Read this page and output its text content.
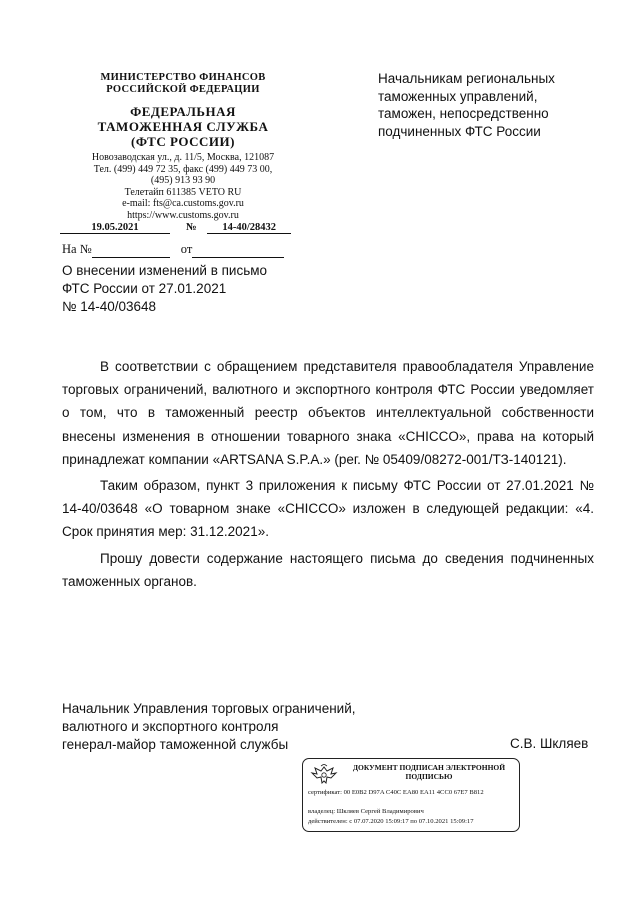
МИНИСТЕРСТВО ФИНАНСОВ
РОССИЙСКОЙ ФЕДЕРАЦИИ
ФЕДЕРАЛЬНАЯ
ТАМОЖЕННАЯ СЛУЖБА
(ФТС РОССИИ)
Новозаводская ул., д. 11/5, Москва, 121087
Тел. (499) 449 72 35, факс (499) 449 73 00,
(495) 913 93 90
Телетайп 611385 VETO RU
e-mail: fts@ca.customs.gov.ru
https://www.customs.gov.ru
19.05.2021	№ 14-40/28432
На №	от
Начальникам региональных
таможенных управлений,
таможен, непосредственно
подчиненных ФТС России
О внесении изменений в письмо
ФТС России от 27.01.2021
№ 14-40/03648

В соответствии с обращением представителя правообладателя Управление торговых ограничений, валютного и экспортного контроля ФТС России уведомляет о том, что в таможенный реестр объектов интеллектуальной собственности внесены изменения в отношении товарного знака «CHICCO», права на который принадлежат компании «ARTSANA S.P.A.» (рег. № 05409/08272-001/ТЗ-140121).

Таким образом, пункт 3 приложения к письму ФТС России от 27.01.2021 № 14-40/03648 «О товарном знаке «CHICCO» изложен в следующей редакции: «4. Срок принятия мер: 31.12.2021».

Прошу довести содержание настоящего письма до сведения подчиненных таможенных органов.

Начальник Управления торговых ограничений,
валютного и экспортного контроля
генерал-майор таможенной службы	С.В. Шкляев
ДОКУМЕНТ ПОДПИСАН ЭЛЕКТРОННОЙ ПОДПИСЬЮ
сертификат: 00 E0B2 D97A C40C EA80 EA11 4CC0 67E7 B812
владелец: Шкляев Сергей Владимирович
действителен: с 07.07.2020 15:09:17 по 07.10.2021 15:09:17
